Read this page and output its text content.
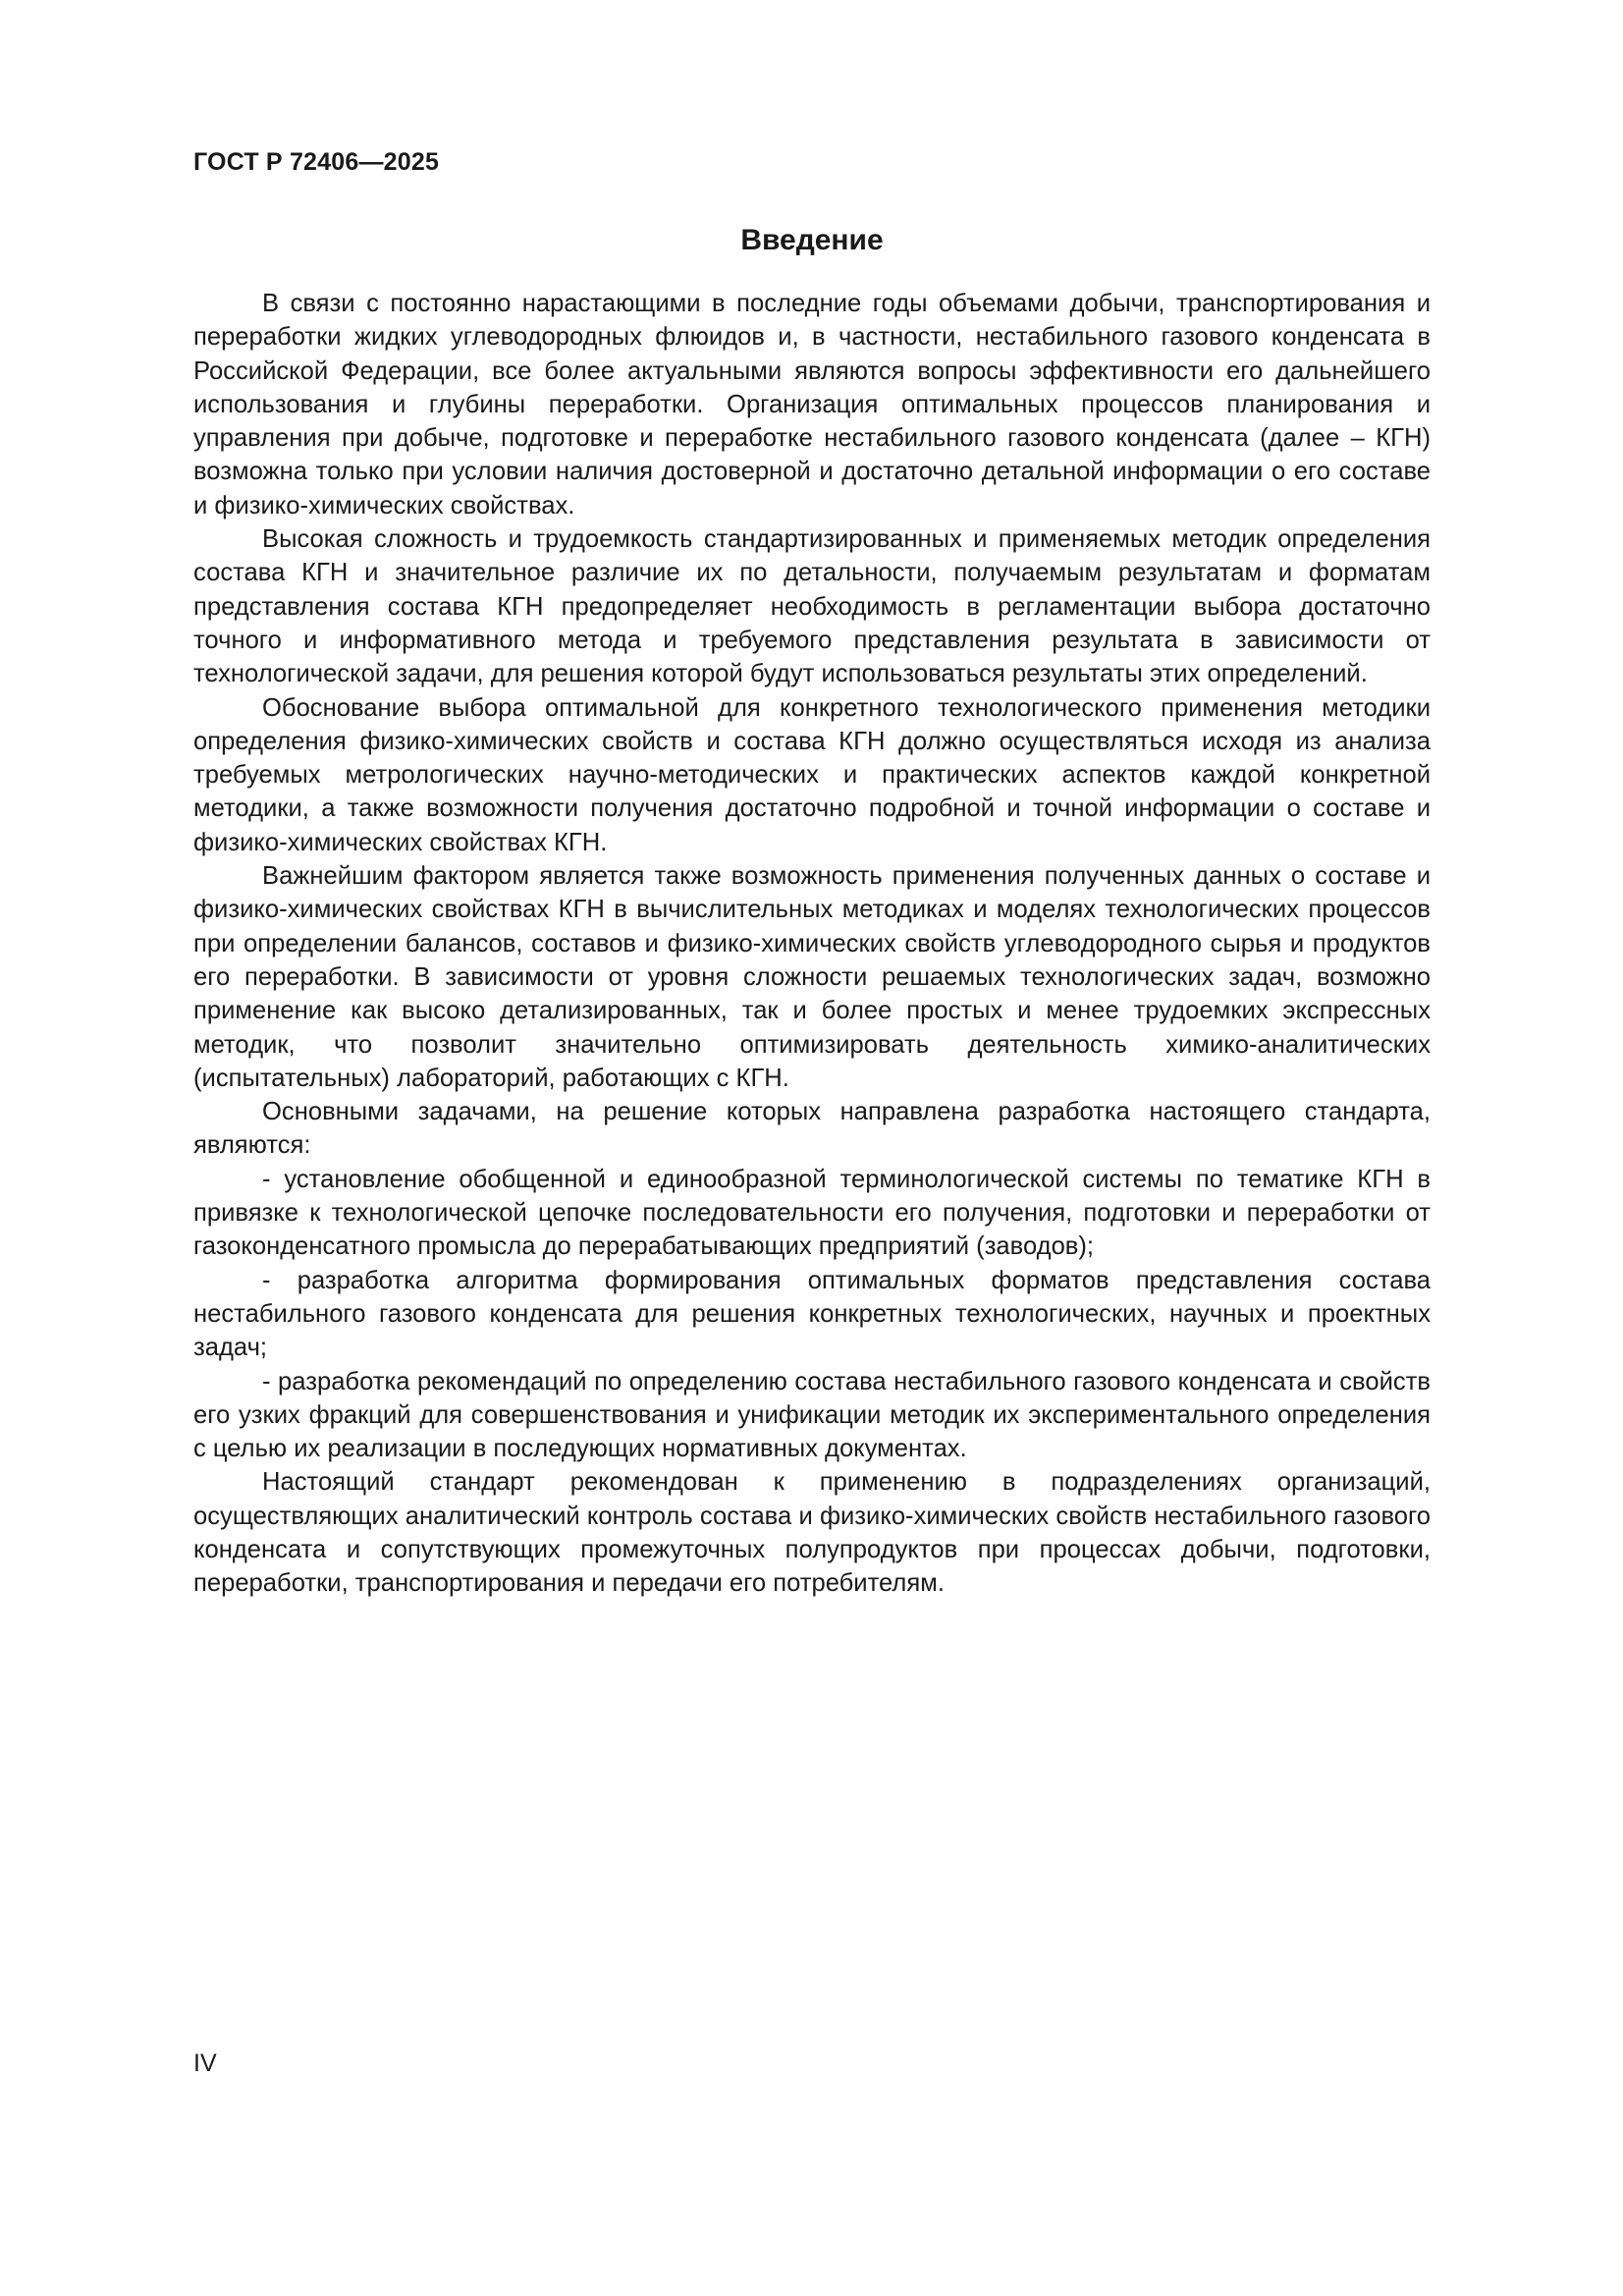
ГОСТ Р 72406—2025
Введение

В связи с постоянно нарастающими в последние годы объемами добычи, транспортирования и переработки жидких углеводородных флюидов и, в частности, нестабильного газового конденсата в Российской Федерации, все более актуальными являются вопросы эффективности его дальнейшего использования и глубины переработки. Организация оптимальных процессов планирования и управления при добыче, подготовке и переработке нестабильного газового конденсата (далее – КГН) возможна только при условии наличия достоверной и достаточно детальной информации о его составе и физико-химических свойствах.

Высокая сложность и трудоемкость стандартизированных и применяемых методик определения состава КГН и значительное различие их по детальности, получаемым результатам и форматам представления состава КГН предопределяет необходимость в регламентации выбора достаточно точного и информативного метода и требуемого представления результата в зависимости от технологической задачи, для решения которой будут использоваться результаты этих определений.

Обоснование выбора оптимальной для конкретного технологического применения методики определения физико-химических свойств и состава КГН должно осуществляться исходя из анализа требуемых метрологических научно-методических и практических аспектов каждой конкретной методики, а также возможности получения достаточно подробной и точной информации о составе и физико-химических свойствах КГН.

Важнейшим фактором является также возможность применения полученных данных о составе и физико-химических свойствах КГН в вычислительных методиках и моделях технологических процессов при определении балансов, составов и физико-химических свойств углеводородного сырья и продуктов его переработки. В зависимости от уровня сложности решаемых технологических задач, возможно применение как высоко детализированных, так и более простых и менее трудоемких экспрессных методик, что позволит значительно оптимизировать деятельность химико-аналитических (испытательных) лабораторий, работающих с КГН.

Основными задачами, на решение которых направлена разработка настоящего стандарта, являются:

- установление обобщенной и единообразной терминологической системы по тематике КГН в привязке к технологической цепочке последовательности его получения, подготовки и переработки от газоконденсатного промысла до перерабатывающих предприятий (заводов);

- разработка алгоритма формирования оптимальных форматов представления состава нестабильного газового конденсата для решения конкретных технологических, научных и проектных задач;

- разработка рекомендаций по определению состава нестабильного газового конденсата и свойств его узких фракций для совершенствования и унификации методик их экспериментального определения с целью их реализации в последующих нормативных документах.

Настоящий стандарт рекомендован к применению в подразделениях организаций, осуществляющих аналитический контроль состава и физико-химических свойств нестабильного газового конденсата и сопутствующих промежуточных полупродуктов при процессах добычи, подготовки, переработки, транспортирования и передачи его потребителям.

IV
